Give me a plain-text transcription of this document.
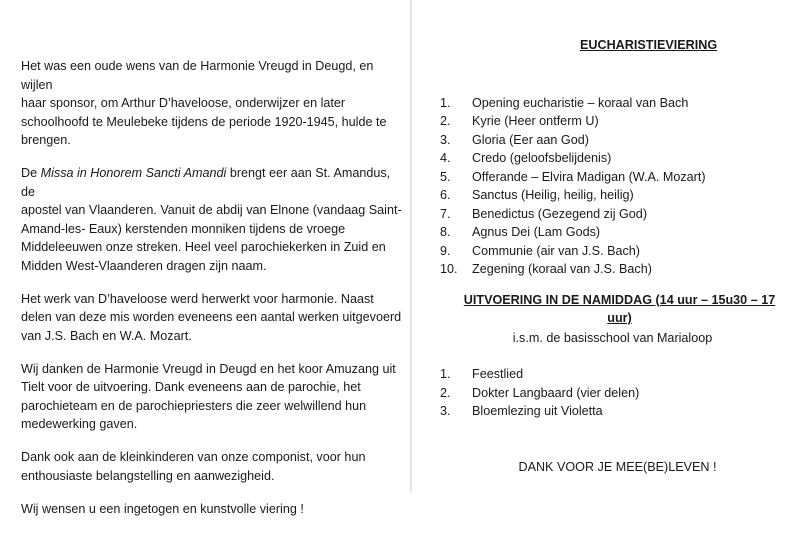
Het was een oude wens van de Harmonie Vreugd in Deugd, en wijlen
haar sponsor, om Arthur D’haveloose, onderwijzer en later
schoolhoofd te Meulebeke tijdens de periode 1920-1945, hulde te
brengen.

De Missa in Honorem Sancti Amandi brengt eer aan St. Amandus, de
apostel van Vlaanderen. Vanuit de abdij van Elnone (vandaag Saint-
Amand-les- Eaux) kerstenden monniken tijdens de vroege
Middeleeuwen onze streken. Heel veel parochiekerken in Zuid en
Midden West-Vlaanderen dragen zijn naam.

Het werk van D’haveloose werd herwerkt voor harmonie. Naast
delen van deze mis worden eveneens een aantal werken uitgevoerd
van J.S. Bach en W.A. Mozart.

Wij danken de Harmonie Vreugd in Deugd en het koor Amuzang uit
Tielt voor de uitvoering. Dank eveneens aan de parochie, het
parochieteam en de parochiepriesters die zeer welwillend hun
medewerking gaven.

Dank ook aan de kleinkinderen van onze componist, voor hun
enthousiaste belangstelling en aanwezigheid.

Wij wensen u een ingetogen en kunstvolle viering !

EUCHARISTIEVIERING

1.	Opening eucharistie – koraal van Bach
2.	Kyrie (Heer ontferm U)
3.	Gloria (Eer aan God)
4.	Credo (geloofsbelijdenis)
5.	Offerande – Elvira Madigan (W.A. Mozart)
6.	Sanctus (Heilig, heilig, heilig)
7.	Benedictus (Gezegend zij God)
8.	Agnus Dei (Lam Gods)
9.	Communie (air van J.S. Bach)
10.	Zegening (koraal van J.S. Bach)

UITVOERING IN DE NAMIDDAG (14 uur – 15u30 – 17 uur)

i.s.m. de basisschool van Marialoop

1.	Feestlied
2.	Dokter Langbaard (vier delen)
3.	Bloemlezing uit Violetta

DANK VOOR JE MEE(BE)LEVEN !
